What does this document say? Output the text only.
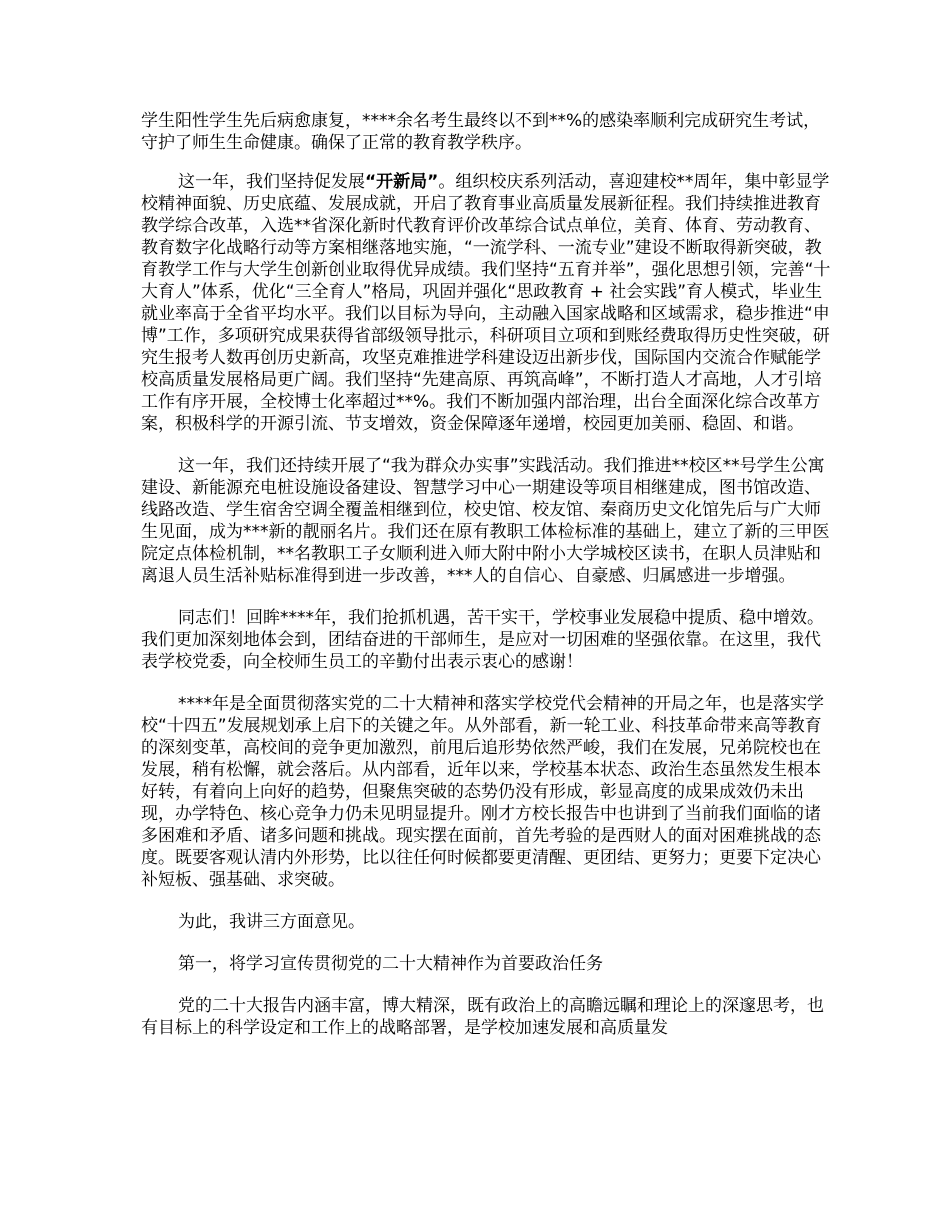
学生阳性学生先后病愈康复，****余名考生最终以不到**%的感染率顺利完成研究生考试，守护了师生生命健康。确保了正常的教育教学秩序。

这一年，我们坚持促发展“开新局”。组织校庆系列活动，喜迎建校**周年，集中彰显学校精神面貌、历史底蕴、发展成就，开启了教育事业高质量发展新征程。我们持续推进教育教学综合改革，入选**省深化新时代教育评价改革综合试点单位，美育、体育、劳动教育、教育数字化战略行动等方案相继落地实施，“一流学科、一流专业”建设不断取得新突破，教育教学工作与大学生创新创业取得优异成绩。我们坚持“五育并举”，强化思想引领，完善“十大育人”体系，优化“三全育人”格局，巩固并强化“思政教育 + 社会实践”育人模式，毕业生就业率高于全省平均水平。我们以目标为导向，主动融入国家战略和区域需求，稳步推进“申博”工作，多项研究成果获得省部级领导批示，科研项目立项和到账经费取得历史性突破，研究生报考人数再创历史新高，攻坚克难推进学科建设迈出新步伐，国际国内交流合作赋能学校高质量发展格局更广阔。我们坚持“先建高原、再筑高峰”，不断打造人才高地，人才引培工作有序开展，全校博士化率超过**%。我们不断加强内部治理，出台全面深化综合改革方案，积极科学的开源引流、节支增效，资金保障逐年递增，校园更加美丽、稳固、和谐。

这一年，我们还持续开展了“我为群众办实事”实践活动。我们推进**校区**号学生公寓建设、新能源充电桩设施设备建设、智慧学习中心一期建设等项目相继建成，图书馆改造、线路改造、学生宿舍空调全覆盖相继到位，校史馆、校友馆、秦商历史文化馆先后与广大师生见面，成为***新的靓丽名片。我们还在原有教职工体检标准的基础上，建立了新的三甲医院定点体检机制，**名教职工子女顺利进入师大附中附小大学城校区读书，在职人员津贴和离退人员生活补贴标准得到进一步改善，***人的自信心、自豪感、归属感进一步增强。

同志们！回眸****年，我们抢抓机遇，苦干实干，学校事业发展稳中提质、稳中增效。我们更加深刻地体会到，团结奋进的干部师生，是应对一切困难的坚强依靠。在这里，我代表学校党委，向全校师生员工的辛勤付出表示衷心的感谢！

****年是全面贯彻落实党的二十大精神和落实学校党代会精神的开局之年，也是落实学校“十四五”发展规划承上启下的关键之年。从外部看，新一轮工业、科技革命带来高等教育的深刻变革，高校间的竞争更加激烈，前甩后追形势依然严峻，我们在发展，兄弟院校也在发展，稍有松懈，就会落后。从内部看，近年以来，学校基本状态、政治生态虽然发生根本好转，有着向上向好的趋势，但聚焦突破的态势仍没有形成，彰显高度的成果成效仍未出现，办学特色、核心竞争力仍未见明显提升。刚才方校长报告中也讲到了当前我们面临的诸多困难和矛盾、诸多问题和挑战。现实摆在面前，首先考验的是西财人的面对困难挑战的态度。既要客观认清内外形势，比以往任何时候都要更清醒、更团结、更努力；更要下定决心补短板、强基础、求突破。

为此，我讲三方面意见。

第一，将学习宣传贯彻党的二十大精神作为首要政治任务

党的二十大报告内涵丰富，博大精深，既有政治上的高瞻远瞩和理论上的深邃思考，也有目标上的科学设定和工作上的战略部署，是学校加速发展和高质量发
